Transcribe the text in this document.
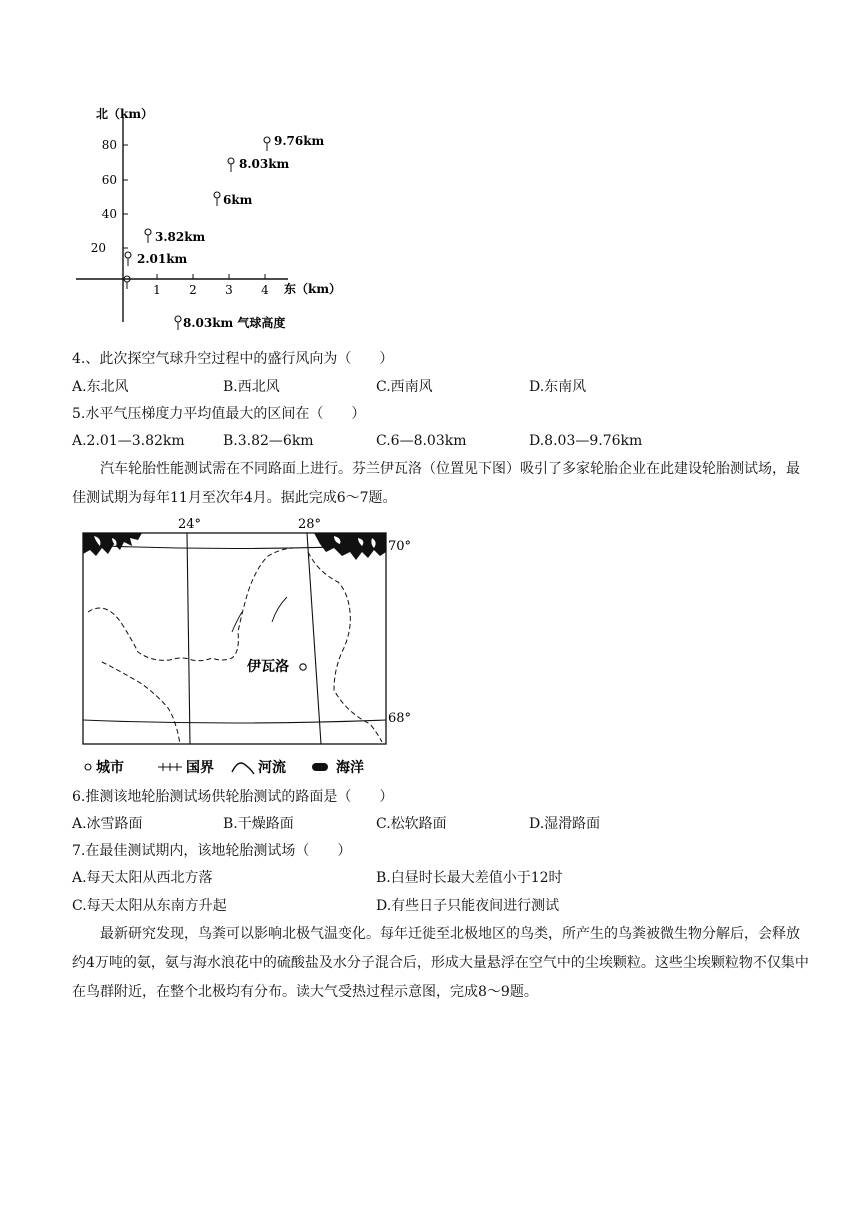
北（km）
东（km）
20
40
60
80
1 2 3 4
2.01km
3.82km
6km
8.03km
9.76km
8.03km 气球高度
4.、此次探空气球升空过程中的盛行风向为（　　）
A.东北风	B.西北风	C.西南风	D.东南风
5.水平气压梯度力平均值最大的区间在（　　）
A.2.01—3.82km	B.3.82—6km	C.6—8.03km	D.8.03—9.76km
汽车轮胎性能测试需在不同路面上进行。芬兰伊瓦洛（位置见下图）吸引了多家轮胎企业在此建设轮胎测试场，最佳测试期为每年11月至次年4月。据此完成6～7题。
24°	28°
70°
68°
伊瓦洛
城市	国界	河流	海洋
6.推测该地轮胎测试场供轮胎测试的路面是（　　）
A.冰雪路面	B.干燥路面	C.松软路面	D.湿滑路面
7.在最佳测试期内，该地轮胎测试场（　　）
A.每天太阳从西北方落	B.白昼时长最大差值小于12时
C.每天太阳从东南方升起	D.有些日子只能夜间进行测试
最新研究发现，鸟粪可以影响北极气温变化。每年迁徙至北极地区的鸟类，所产生的鸟粪被微生物分解后，会释放约4万吨的氨，氨与海水浪花中的硫酸盐及水分子混合后，形成大量悬浮在空气中的尘埃颗粒。这些尘埃颗粒物不仅集中在鸟群附近，在整个北极均有分布。读大气受热过程示意图，完成8～9题。
